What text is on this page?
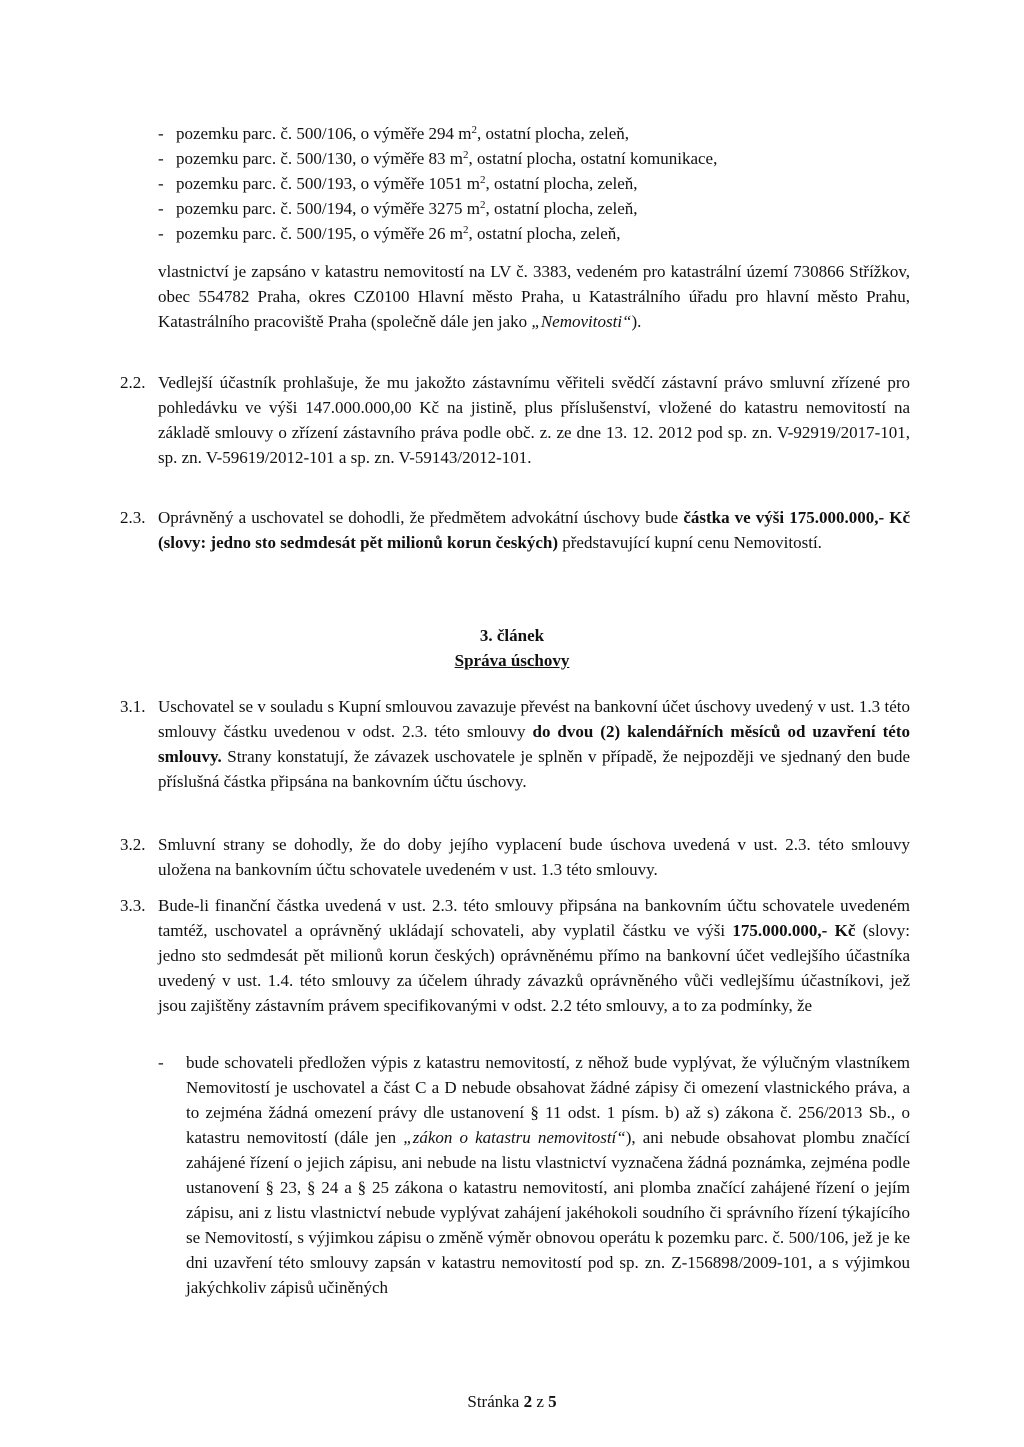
- pozemku parc. č. 500/106, o výměře 294 $m^2$, ostatní plocha, zeleň,
- pozemku parc. č. 500/130, o výměře 83 $m^2$, ostatní plocha, ostatní komunikace,
- pozemku parc. č. 500/193, o výměře 1051 $m^2$, ostatní plocha, zeleň,
- pozemku parc. č. 500/194, o výměře 3275 $m^2$, ostatní plocha, zeleň,
- pozemku parc. č. 500/195, o výměře 26 $m^2$, ostatní plocha, zeleň,
vlastnictví je zapsáno v katastru nemovitostí na LV č. 3383, vedeném pro katastrální území 730866 Střížkov, obec 554782 Praha, okres CZ0100 Hlavní město Praha, u Katastrálního úřadu pro hlavní město Prahu, Katastrálního pracoviště Praha (společně dále jen jako „Nemovitosti“).
2.2. Vedlejší účastník prohlašuje, že mu jakožto zástavnímu věřiteli svědčí zástavní právo smluvní zřízené pro pohledávku ve výši 147.000.000,00 Kč na jistině, plus příslušenství, vložené do katastru nemovitostí na základě smlouvy o zřízení zástavního práva podle obč. z. ze dne 13. 12. 2012 pod sp. zn. V-92919/2017-101, sp. zn. V-59619/2012-101 a sp. zn. V-59143/2012-101.
2.3. Oprávněný a uschovatel se dohodli, že předmětem advokátní úschovy bude částka ve výši 175.000.000,- Kč (slovy: jedno sto sedmdesát pět milionů korun českých) představující kupní cenu Nemovitostí.
3. článek
Správa úschovy
3.1. Uschovatel se v souladu s Kupní smlouvou zavazuje převést na bankovní účet úschovy uvedený v ust. 1.3 této smlouvy částku uvedenou v odst. 2.3. této smlouvy do dvou (2) kalendářních měsíců od uzavření této smlouvy. Strany konstatují, že závazek uschovatele je splněn v případě, že nejpozději ve sjednaný den bude příslušná částka připsána na bankovním účtu úschovy.
3.2. Smluvní strany se dohodly, že do doby jejího vyplacení bude úschova uvedená v ust. 2.3. této smlouvy uložena na bankovním účtu schovatele uvedeném v ust. 1.3 této smlouvy.
3.3. Bude-li finanční částka uvedená v ust. 2.3. této smlouvy připsána na bankovním účtu schovatele uvedeném tamtéž, uschovatel a oprávněný ukládají schovateli, aby vyplatil částku ve výši 175.000.000,- Kč (slovy: jedno sto sedmdesát pět milionů korun českých) oprávněnému přímo na bankovní účet vedlejšího účastníka uvedený v ust. 1.4. této smlouvy za účelem úhrady závazků oprávněného vůči vedlejšímu účastníkovi, jež jsou zajištěny zástavním právem specifikovanými v odst. 2.2 této smlouvy, a to za podmínky, že
- bude schovateli předložen výpis z katastru nemovitostí, z něhož bude vyplývat, že výlučným vlastníkem Nemovitostí je uschovatel a část C a D nebude obsahovat žádné zápisy či omezení vlastnického práva, a to zejména žádná omezení právy dle ustanovení § 11 odst. 1 písm. b) až s) zákona č. 256/2013 Sb., o katastru nemovitostí (dále jen „zákon o katastru nemovitostí“), ani nebude obsahovat plombu značící zahájené řízení o jejich zápisu, ani nebude na listu vlastnictví vyznačena žádná poznámka, zejména podle ustanovení § 23, § 24 a § 25 zákona o katastru nemovitostí, ani plomba značící zahájené řízení o jejím zápisu, ani z listu vlastnictví nebude vyplývat zahájení jakéhokoli soudního či správního řízení týkajícího se Nemovitostí, s výjimkou zápisu o změně výměr obnovou operátu k pozemku parc. č. 500/106, jež je ke dni uzavření této smlouvy zapsán v katastru nemovitostí pod sp. zn. Z-156898/2009-101, a s výjimkou jakýchkoliv zápisů učiněných
Stránka 2 z 5
